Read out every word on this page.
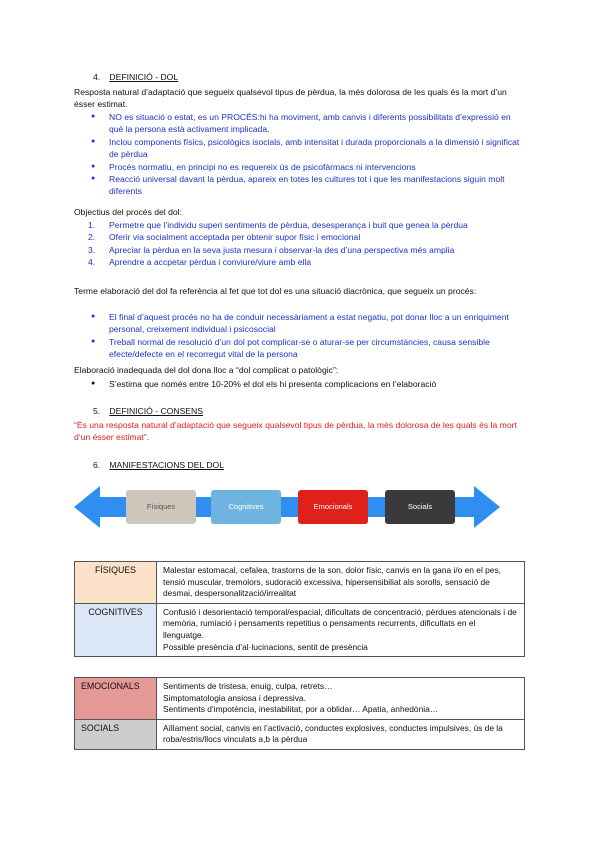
4. DEFINICIÓ - DOL
Resposta natural d’adaptació que segueix qualsevol tipus de pèrdua, la més dolorosa de les quals és la mort d’un ésser estimat.
● NO es situació o estat, es un PROCÉS:hi ha moviment, amb canvis i diferents possibilitats d’expressió en què la persona està activament implicada.
● Inclou components físics, psicològics isocials, amb intensitat i durada proporcionals a la dimensió i significat de pèrdua
● Procés normatiu, en principi no es requereix ús de psicofàrmacs ni intervencions
● Reacció universal davant la pèrdua, apareix en totes les cultures tot i que les manifestacions siguin molt diferents
Objectius del procés del dol:
1. Permetre que l’individu superi sentiments de pèrdua, desesperança i buit que genea la pèrdua
2. Oferir via socialment acceptada per obtenir supor físic i emocional
3. Apreciar la pèrdua en la seva justa mesura i observar-la des d’una perspectiva més amplia
4. Aprendre a accpetar pèrdua i conviure/viure amb ella
Terme elaboració del dol fa referència al fet que tot dol es una situació diacrònica, que segueix un procés:
● El final d’aquest procés no ha de conduir necessàriament a estat negatiu, pot donar lloc a un enriquiment personal, creixement individual i psicosocial
● Treball normal de resolució d’un dol pot complicar-se o aturar-se per circumstàncies, causa sensible efecte/defecte en el recorregut vital de la persona
Elaboració inadequada del dol dona lloc a “dol complicat o patològic”:
● S’estima que només entre 10-20% el dol els hi presenta complicacions en l’elaboració
5. DEFINICIÓ - CONSENS
“És una resposta natural d’adaptació que segueix qualsevol tipus de pèrdua, la més dolorosa de les quals és la mort d’un ésser estimat”.
6. MANIFESTACIONS DEL DOL
Físiques	Cognitives	Emocionals	Socials
FÍSIQUES	Malestar estomacal, cefalea, trastorns de la son, dolor físic, canvis en la gana i/o en el pes, tensió muscular, tremolors, sudoració excessiva, hipersensibiliat als sorolls, sensació de desmai, despersonalització/irrealitat
COGNITIVES	Confusió i desorientació temporal/espacial, dificultats de concentració, pèrdues atencionals i de memòria, rumiació i pensaments repetitius o pensaments recurrents, dificultats en el llenguatge.
Possible presència d’al·lucinacions, sentit de presència
EMOCIONALS	Sentiments de tristesa, enuig, culpa, retrets…
Simptomatologia ansiosa i depressiva.
Sentiments d’impotència, inestabilitat, por a oblidar… Apatia, anhedònia…

SOCIALS	Aïllament social, canvis en l’activació, conductes explosives, conductes impulsives, ús de la roba/estris/llocs vinculats a,b la pèrdua
